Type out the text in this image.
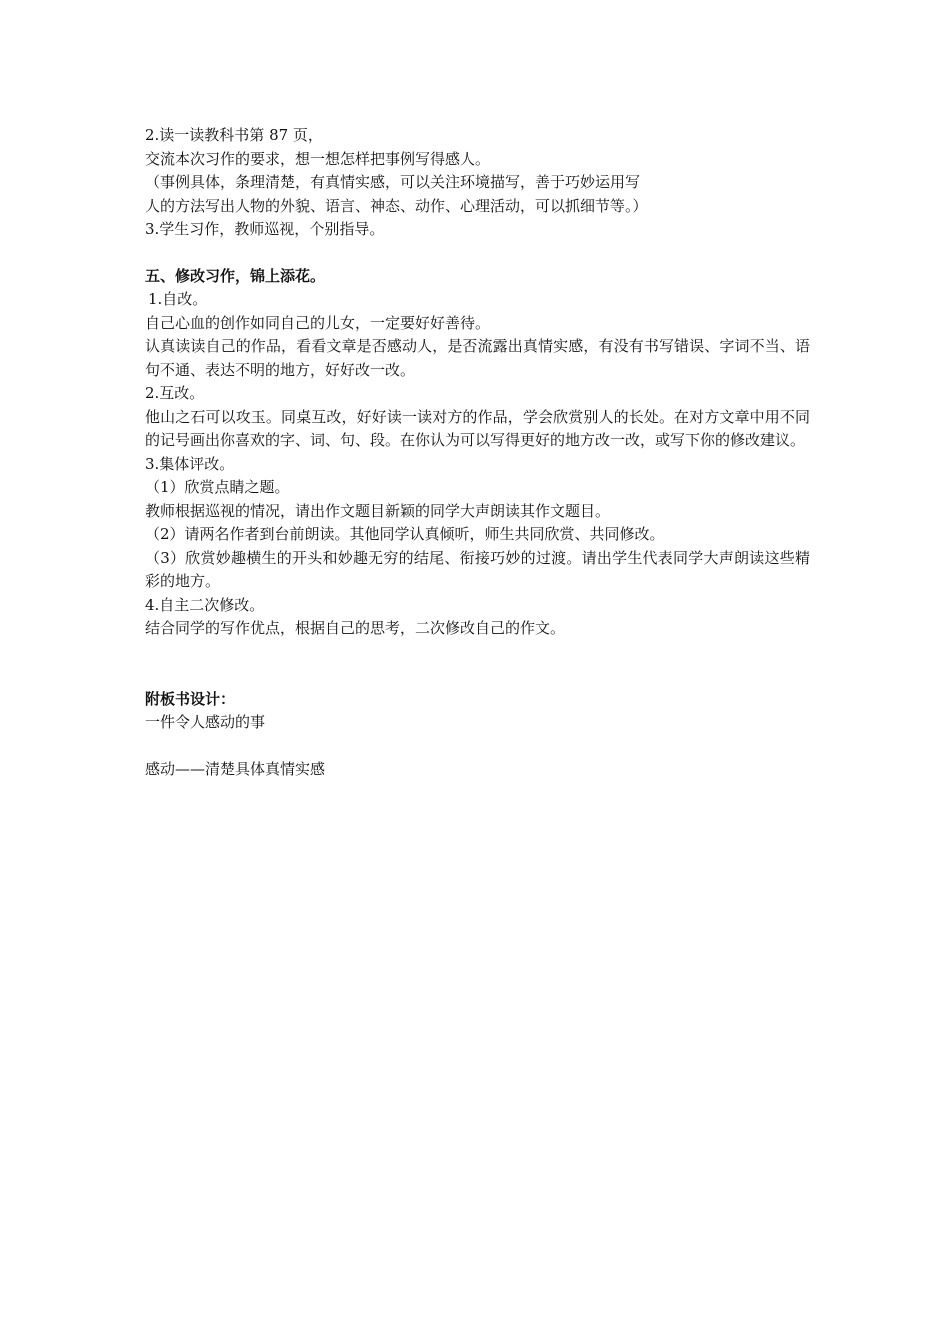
2.读一读教科书第 87 页，

交流本次习作的要求，想一想怎样把事例写得感人。

（事例具体，条理清楚，有真情实感，可以关注环境描写，善于巧妙运用写

人的方法写出人物的外貌、语言、神态、动作、心理活动，可以抓细节等。）

3.学生习作，教师巡视，个别指导。

五、修改习作，锦上添花。

1.自改。

自己心血的创作如同自己的儿女，一定要好好善待。

认真读读自己的作品，看看文章是否感动人，是否流露出真情实感，有没有书写错误、字词不当、语句不通、表达不明的地方，好好改一改。

2.互改。

他山之石可以攻玉。同桌互改，好好读一读对方的作品，学会欣赏别人的长处。在对方文章中用不同的记号画出你喜欢的字、词、句、段。在你认为可以写得更好的地方改一改，或写下你的修改建议。

3.集体评改。

（1）欣赏点睛之题。

教师根据巡视的情况，请出作文题目新颖的同学大声朗读其作文题目。

（2）请两名作者到台前朗读。其他同学认真倾听，师生共同欣赏、共同修改。

（3）欣赏妙趣横生的开头和妙趣无穷的结尾、衔接巧妙的过渡。请出学生代表同学大声朗读这些精彩的地方。

4.自主二次修改。

结合同学的写作优点，根据自己的思考，二次修改自己的作文。

附板书设计：

一件令人感动的事

感动——清楚具体真情实感
